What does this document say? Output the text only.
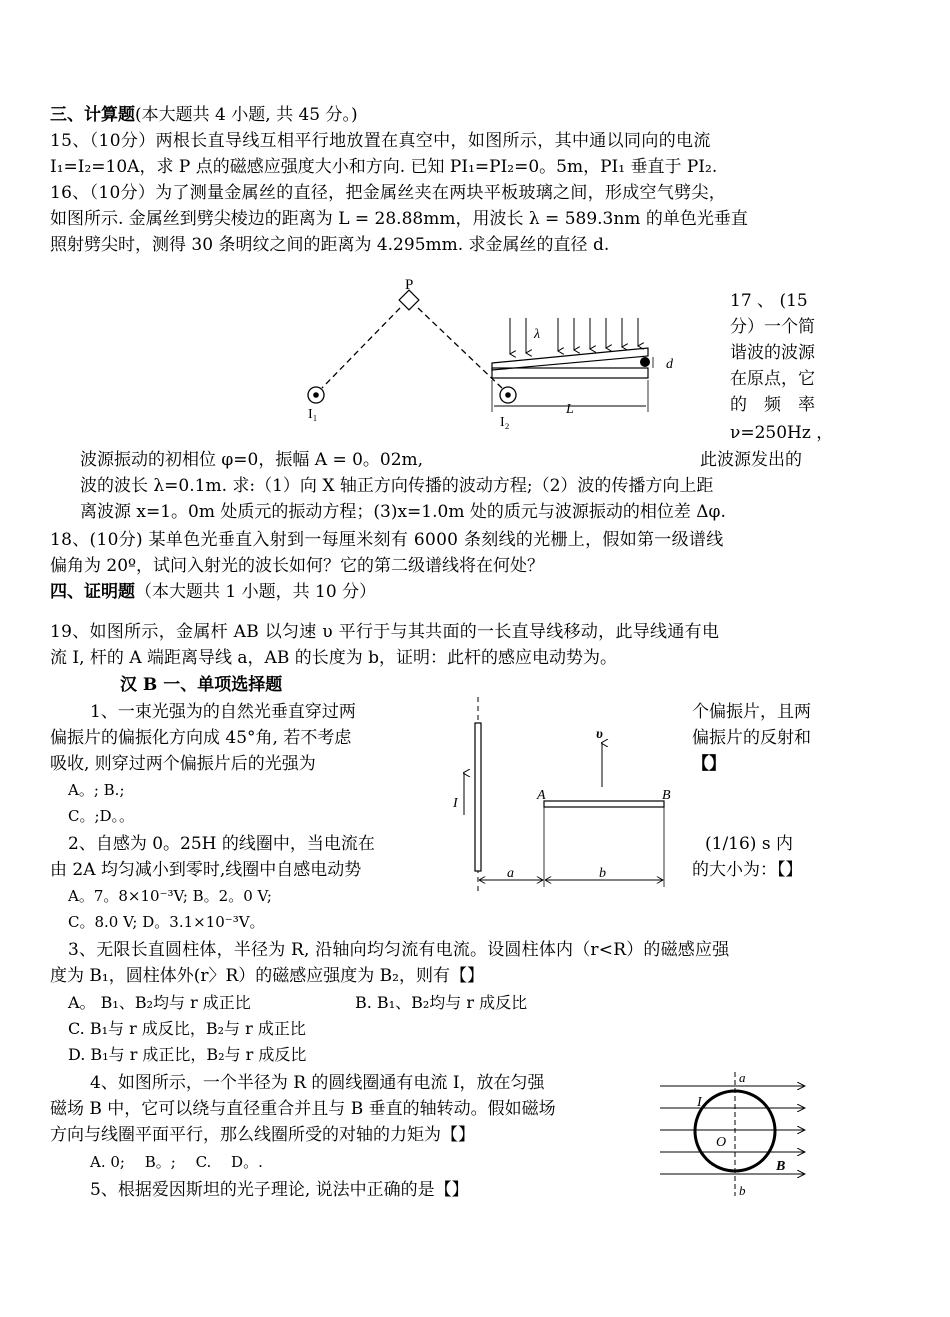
三、计算题(本大题共 4 小题, 共 45 分。)
15、（10分）两根长直导线互相平行地放置在真空中，如图所示，其中通以同向的电流
I₁=I₂=10A，求 P 点的磁感应强度大小和方向. 已知 PI₁=PI₂=0。5m，PI₁ 垂直于 PI₂.
16、（10分）为了测量金属丝的直径，把金属丝夹在两块平板玻璃之间，形成空气劈尖，
如图所示. 金属丝到劈尖棱边的距离为 L = 28.88mm，用波长 λ = 589.3nm 的单色光垂直
照射劈尖时，测得 30 条明纹之间的距离为 4.295mm. 求金属丝的直径 d.
P
I₁
I₂
λ
d
L
17 、 (15
分）一个简
谐波的波源
在原点，它
的　频　率
ν=250Hz ，
波源振动的初相位 φ=0，振幅 A = 0。02m,	此波源发出的
波的波长 λ=0.1m. 求:（1）向 X 轴正方向传播的波动方程;（2）波的传播方向上距
离波源 x=1。0m 处质元的振动方程；(3)x=1.0m 处的质元与波源振动的相位差 Δφ.
18、(10分) 某单色光垂直入射到一每厘米刻有 6000 条刻线的光栅上，假如第一级谱线
偏角为 20º，试问入射光的波长如何？它的第二级谱线将在何处？
四、证明题（本大题共 1 小题，共 10 分）
19、如图所示，金属杆 AB 以匀速 υ 平行于与其共面的一长直导线移动，此导线通有电
流 I, 杆的 A 端距离导线 a，AB 的长度为 b，证明：此杆的感应电动势为。
汉 B 一、单项选择题
1、一束光强为的自然光垂直穿过两
偏振片的偏振化方向成 45°角, 若不考虑
吸收, 则穿过两个偏振片后的光强为
个偏振片，且两
偏振片的反射和
【】
A。; B.;
C。;D。。
2、自感为 0。25H 的线圈中，当电流在
由 2A 均匀减小到零时,线圈中自感电动势
(1/16) s 内
的大小为：【】
A。7。8×10⁻³V; B。2。0 V;
C。8.0 V; D。3.1×10⁻³V。
I
υ
A	B
a	b
3、无限长直圆柱体，半径为 R, 沿轴向均匀流有电流。设圆柱体内（r<R）的磁感应强
度为 B₁，圆柱体外(r〉R）的磁感应强度为 B₂，则有【】
A。 B₁、B₂均与 r 成正比	B. B₁、B₂均与 r 成反比
C. B₁与 r 成反比，B₂与 r 成正比
D. B₁与 r 成正比，B₂与 r 成反比
4、如图所示，一个半径为 R 的圆线圈通有电流 I，放在匀强
磁场 B 中，它可以绕与直径重合并且与 B 垂直的轴转动。假如磁场
方向与线圈平面平行，那么线圈所受的对轴的力矩为【】
A. 0;　 B。;　 C.　 D。.
a
I
O
B
b
5、根据爱因斯坦的光子理论, 说法中正确的是【】
